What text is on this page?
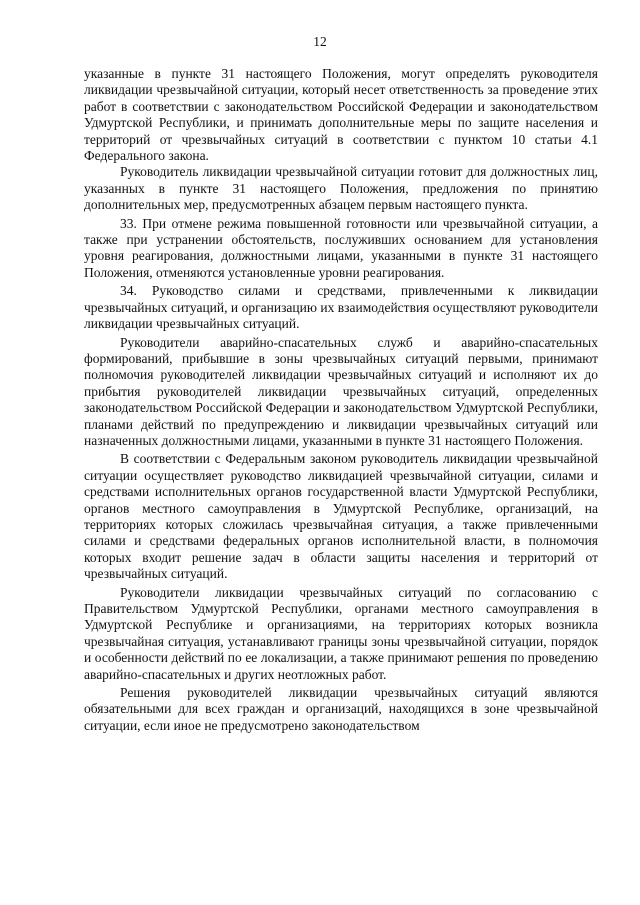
12

указанные в пункте 31 настоящего Положения, могут определять руководителя ликвидации чрезвычайной ситуации, который несет ответственность за проведение этих работ в соответствии с законодательством Российской Федерации и законодательством Удмуртской Республики, и принимать дополнительные меры по защите населения и территорий от чрезвычайных ситуаций в соответствии с пунктом 10 статьи 4.1 Федерального закона.

Руководитель ликвидации чрезвычайной ситуации готовит для должностных лиц, указанных в пункте 31 настоящего Положения, предложения по принятию дополнительных мер, предусмотренных абзацем первым настоящего пункта.

33. При отмене режима повышенной готовности или чрезвычайной ситуации, а также при устранении обстоятельств, послуживших основанием для установления уровня реагирования, должностными лицами, указанными в пункте 31 настоящего Положения, отменяются установленные уровни реагирования.

34. Руководство силами и средствами, привлеченными к ликвидации чрезвычайных ситуаций, и организацию их взаимодействия осуществляют руководители ликвидации чрезвычайных ситуаций.

Руководители аварийно-спасательных служб и аварийно-спасательных формирований, прибывшие в зоны чрезвычайных ситуаций первыми, принимают полномочия руководителей ликвидации чрезвычайных ситуаций и исполняют их до прибытия руководителей ликвидации чрезвычайных ситуаций, определенных законодательством Российской Федерации и законодательством Удмуртской Республики, планами действий по предупреждению и ликвидации чрезвычайных ситуаций или назначенных должностными лицами, указанными в пункте 31 настоящего Положения.

В соответствии с Федеральным законом руководитель ликвидации чрезвычайной ситуации осуществляет руководство ликвидацией чрезвычайной ситуации, силами и средствами исполнительных органов государственной власти Удмуртской Республики, органов местного самоуправления в Удмуртской Республике, организаций, на территориях которых сложилась чрезвычайная ситуация, а также привлеченными силами и средствами федеральных органов исполнительной власти, в полномочия которых входит решение задач в области защиты населения и территорий от чрезвычайных ситуаций.

Руководители ликвидации чрезвычайных ситуаций по согласованию с Правительством Удмуртской Республики, органами местного самоуправления в Удмуртской Республике и организациями, на территориях которых возникла чрезвычайная ситуация, устанавливают границы зоны чрезвычайной ситуации, порядок и особенности действий по ее локализации, а также принимают решения по проведению аварийно-спасательных и других неотложных работ.

Решения руководителей ликвидации чрезвычайных ситуаций являются обязательными для всех граждан и организаций, находящихся в зоне чрезвычайной ситуации, если иное не предусмотрено законодательством
